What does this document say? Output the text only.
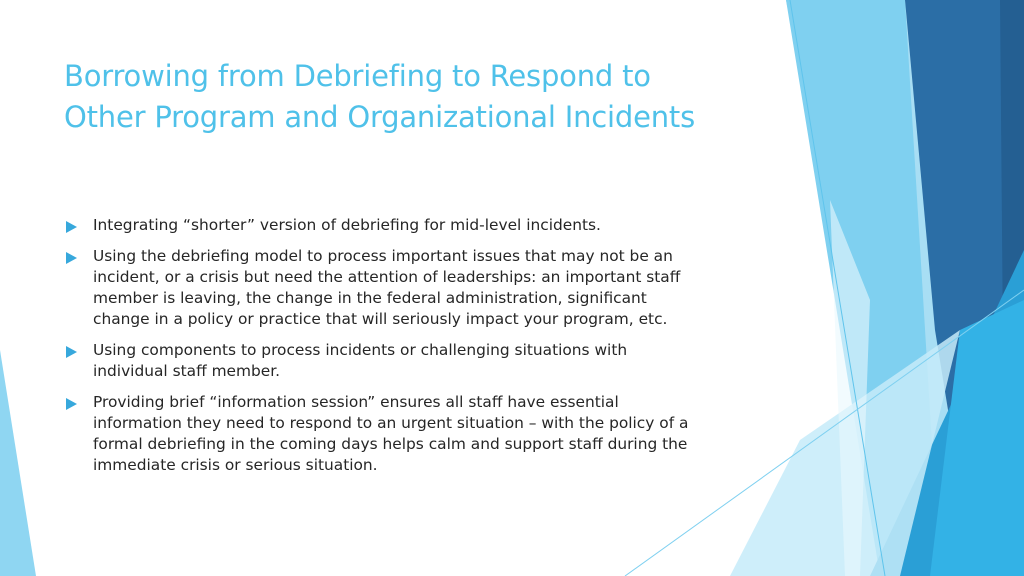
Borrowing from Debriefing to Respond to
Other Program and Organizational Incidents
Integrating “shorter” version of debriefing for mid-level incidents.
Using the debriefing model to process important issues that may not be an
incident, or a crisis but need the attention of leaderships: an important staff
member is leaving, the change in the federal administration, significant
change in a policy or practice that will seriously impact your program, etc.
Using components to process incidents or challenging situations with
individual staff member.
Providing brief “information session” ensures all staff have essential
information they need to respond to an urgent situation – with the policy of a
formal debriefing in the coming days helps calm and support staff during the
immediate crisis or serious situation.
